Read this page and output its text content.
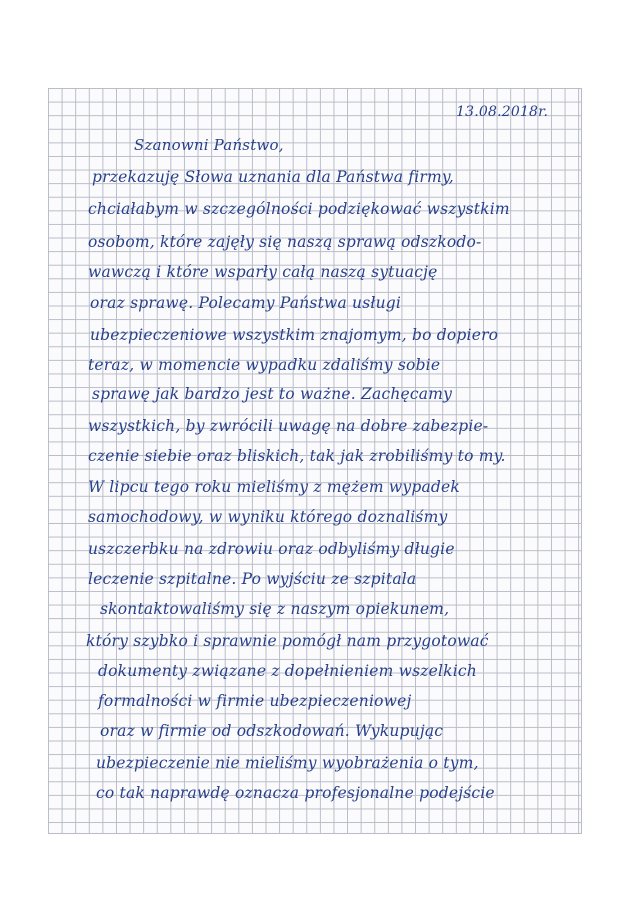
13.08.2018r.

Szanowni Państwo,

przekazuję Słowa uznania dla Państwa firmy,

chciałabym w szczególności podziękować wszystkim

osobom, które zajęły się naszą sprawą odszkodo-

wawczą i które wsparły całą naszą sytuację

oraz sprawę. Polecamy Państwa usługi

ubezpieczeniowe wszystkim znajomym, bo dopiero

teraz, w momencie wypadku zdaliśmy sobie

sprawę jak bardzo jest to ważne. Zachęcamy

wszystkich, by zwrócili uwagę na dobre zabezpie-

czenie siebie oraz bliskich, tak jak zrobiliśmy to my.

W lipcu tego roku mieliśmy z mężem wypadek

samochodowy, w wyniku którego doznaliśmy

uszczerbku na zdrowiu oraz odbyliśmy długie

leczenie szpitalne. Po wyjściu ze szpitala

skontaktowaliśmy się z naszym opiekunem,

który szybko i sprawnie pomógł nam przygotować

dokumenty związane z dopełnieniem wszelkich

formalności w firmie ubezpieczeniowej

oraz w firmie od odszkodowań. Wykupując

ubezpieczenie nie mieliśmy wyobrażenia o tym,

co tak naprawdę oznacza profesjonalne podejście
